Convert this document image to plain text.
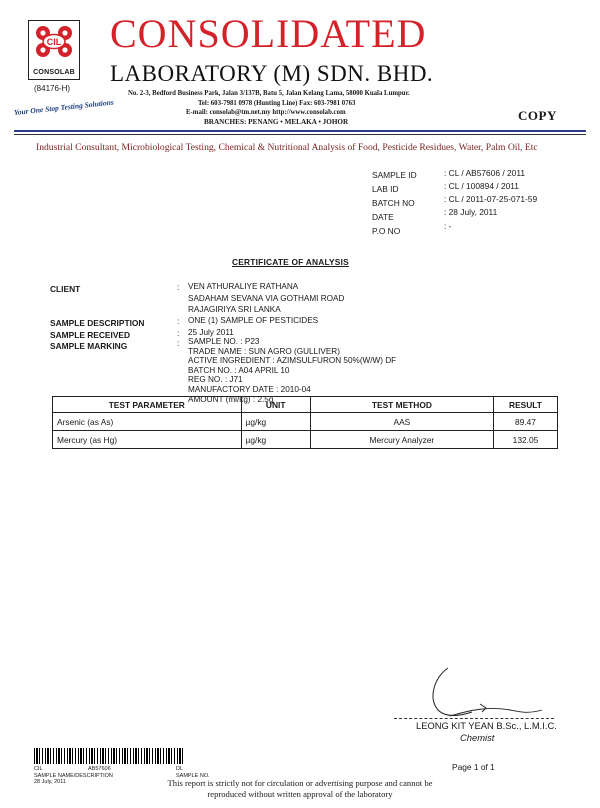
CIL
CONSOLAB
(84176-H)
Your One Stop Testing Solutions
CONSOLIDATED
LABORATORY (M) SDN. BHD.
No. 2-3, Bedford Business Park, Jalan 3/137B, Batu 5, Jalan Kelang Lama, 58000 Kuala Lumpur.
Tel: 603-7981 0978 (Hunting Line) Fax: 603-7981 0763
E-mail: consolab@tm.net.my http://www.consolab.com
BRANCHES: PENANG • MELAKA • JOHOR	COPY
Industrial Consultant, Microbiological Testing, Chemical & Nutritional Analysis of Food, Pesticide Residues, Water, Palm Oil, Etc
SAMPLE ID	: CL / AB57606 / 2011
LAB ID	: CL / 100894 / 2011
BATCH NO	: CL / 2011-07-25-071-59
DATE	: 28 July, 2011
P.O NO	: -
CERTIFICATE OF ANALYSIS
CLIENT	: VEN ATHURALIYE RATHANA
SADAHAM SEVANA VIA GOTHAMI ROAD
RAJAGIRIYA SRI LANKA
SAMPLE DESCRIPTION	: ONE (1) SAMPLE OF PESTICIDES
SAMPLE RECEIVED	: 25 July 2011
SAMPLE MARKING	: SAMPLE NO. : P23
TRADE NAME : SUN AGRO (GULLIVER)
ACTIVE INGREDIENT : AZIMSULFURON 50%(W/W) DF
BATCH NO. : A04 APRIL 10
REG NO. : J71
MANUFACTORY DATE : 2010-04
AMOUNT (ml/kg) : 2.5g
TEST PARAMETER	UNIT	TEST METHOD	RESULT
Arsenic (as As)	µg/kg	AAS	89.47
Mercury (as Hg)	µg/kg	Mercury Analyzer	132.05
LEONG KIT YEAN B.Sc., L.M.I.C.
Chemist
CIL
SAMPLE NAME/DESCRIPTION
28 July, 2011
AB57606	DL
SAMPLE NO.
Page 1 of 1
This report is strictly not for circulation or advertising purpose and cannot be reproduced without written approval of the laboratory
